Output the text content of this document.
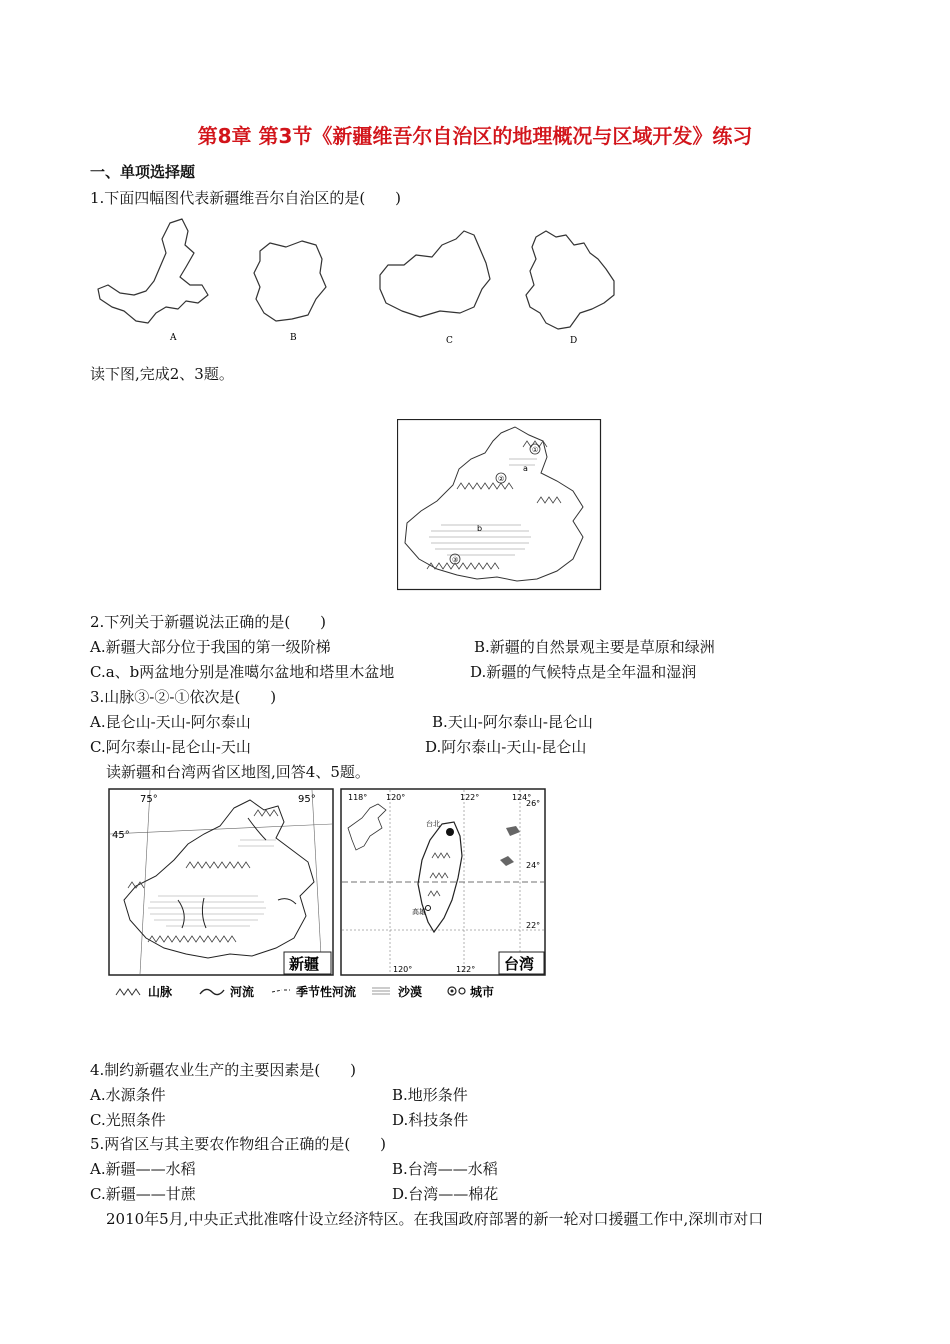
第8章 第3节《新疆维吾尔自治区的地理概况与区域开发》练习
一、单项选择题
1.下面四幅图代表新疆维吾尔自治区的是(　　)
A	B	C	D
读下图,完成2、3题。
①
②
③
a
b
2.下列关于新疆说法正确的是(　　)
A.新疆大部分位于我国的第一级阶梯	B.新疆的自然景观主要是草原和绿洲
C.a、b两盆地分别是准噶尔盆地和塔里木盆地	D.新疆的气候特点是全年温和湿润
3.山脉③-②-①依次是(　　)
A.昆仑山-天山-阿尔泰山	B.天山-阿尔泰山-昆仑山
C.阿尔泰山-昆仑山-天山	D.阿尔泰山-天山-昆仑山
读新疆和台湾两省区地图,回答4、5题。
75°	95°
45°
新疆
118° 120°	122°	124°
26°
24°
22°
120°	122°
台北
高雄
台湾
山脉	河流	季节性河流	沙漠	城市
4.制约新疆农业生产的主要因素是(　　)
A.水源条件	B.地形条件
C.光照条件	D.科技条件
5.两省区与其主要农作物组合正确的是(　　)
A.新疆——水稻	B.台湾——水稻
C.新疆——甘蔗	D.台湾——棉花
2010年5月,中央正式批准喀什设立经济特区。在我国政府部署的新一轮对口援疆工作中,深圳市对口
